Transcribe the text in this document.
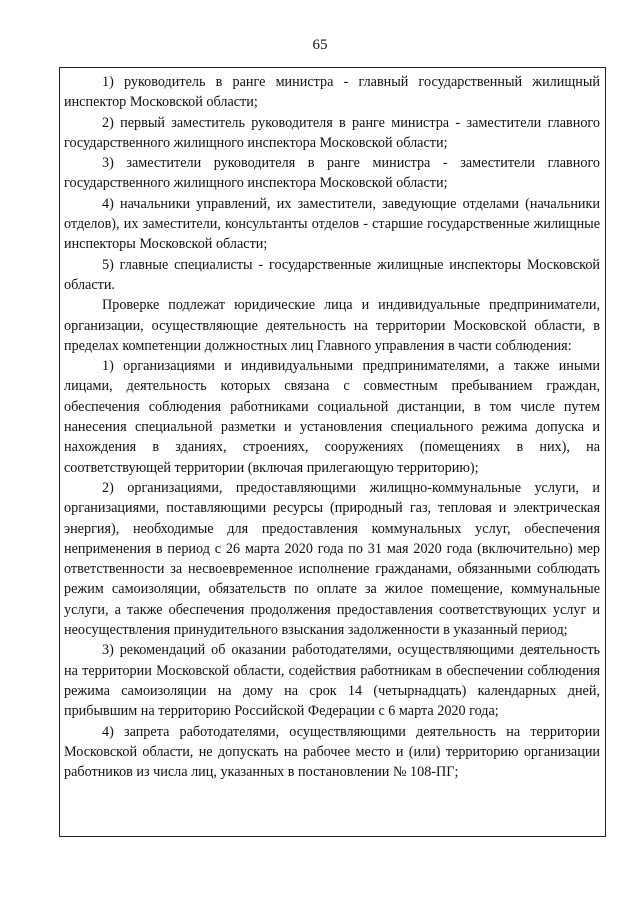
65

1) руководитель в ранге министра - главный государственный жилищный инспектор Московской области;

2) первый заместитель руководителя в ранге министра - заместители главного государственного жилищного инспектора Московской области;

3) заместители руководителя в ранге министра - заместители главного государственного жилищного инспектора Московской области;

4) начальники управлений, их заместители, заведующие отделами (начальники отделов), их заместители, консультанты отделов - старшие государственные жилищные инспекторы Московской области;

5) главные специалисты - государственные жилищные инспекторы Московской области.

Проверке подлежат юридические лица и индивидуальные предприниматели, организации, осуществляющие деятельность на территории Московской области, в пределах компетенции должностных лиц Главного управления в части соблюдения:

1) организациями и индивидуальными предпринимателями, а также иными лицами, деятельность которых связана с совместным пребыванием граждан, обеспечения соблюдения работниками социальной дистанции, в том числе путем нанесения специальной разметки и установления специального режима допуска и нахождения в зданиях, строениях, сооружениях (помещениях в них), на соответствующей территории (включая прилегающую территорию);

2) организациями, предоставляющими жилищно-коммунальные услуги, и организациями, поставляющими ресурсы (природный газ, тепловая и электрическая энергия), необходимые для предоставления коммунальных услуг, обеспечения неприменения в период с 26 марта 2020 года по 31 мая 2020 года (включительно) мер ответственности за несвоевременное исполнение гражданами, обязанными соблюдать режим самоизоляции, обязательств по оплате за жилое помещение, коммунальные услуги, а также обеспечения продолжения предоставления соответствующих услуг и неосуществления принудительного взыскания задолженности в указанный период;

3) рекомендаций об оказании работодателями, осуществляющими деятельность на территории Московской области, содействия работникам в обеспечении соблюдения режима самоизоляции на дому на срок 14 (четырнадцать) календарных дней, прибывшим на территорию Российской Федерации с 6 марта 2020 года;

4) запрета работодателями, осуществляющими деятельность на территории Московской области, не допускать на рабочее место и (или) территорию организации работников из числа лиц, указанных в постановлении № 108-ПГ;
